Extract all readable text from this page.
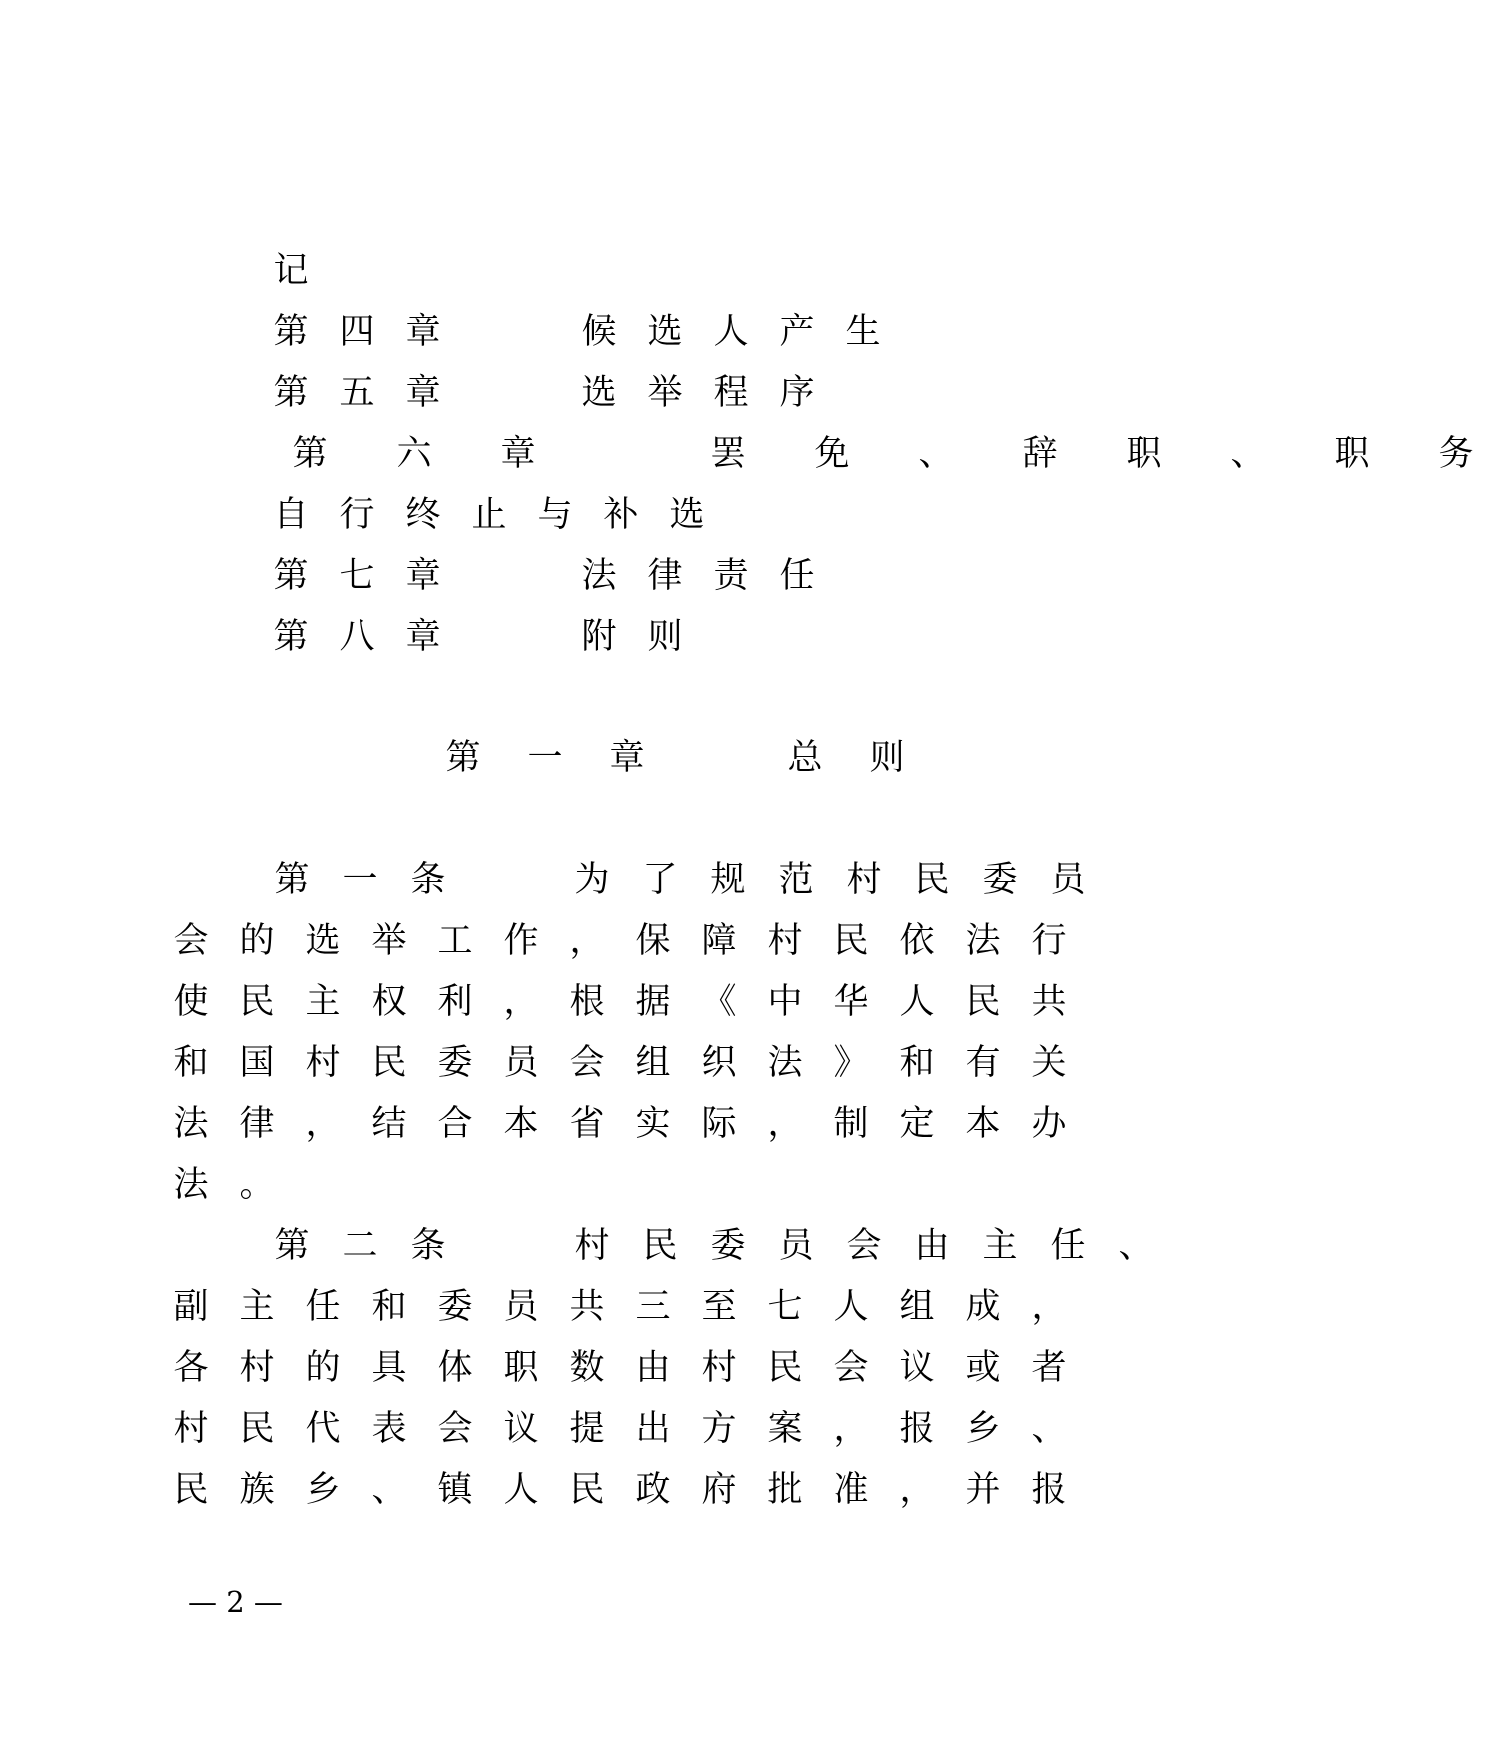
记
第 四 章	候 选 人 产 生
第 五 章	选 举 程 序
第	六	章	罢	免	、	辞	职	、	职	务
自 行 终 止 与 补 选
第 七 章	法 律 责 任
第 八 章	附 则
第	一	章	总	则
第 一 条	为 了 规 范 村 民 委 员
会 的 选 举 工 作 ， 保 障 村 民 依 法 行
使 民 主 权 利 ， 根 据 《 中 华 人 民 共
和 国 村 民 委 员 会 组 织 法 》 和 有 关
法 律 ， 结 合 本 省 实 际 ， 制 定 本 办
法 。
第 二 条	村 民 委 员 会 由 主 任 、
副 主 任 和 委 员 共 三 至 七 人 组 成 ，
各 村 的 具 体 职 数 由 村 民 会 议 或 者
村 民 代 表 会 议 提 出 方 案 ， 报 乡 、
民 族 乡 、 镇 人 民 政 府 批 准 ， 并 报
— 2 —
